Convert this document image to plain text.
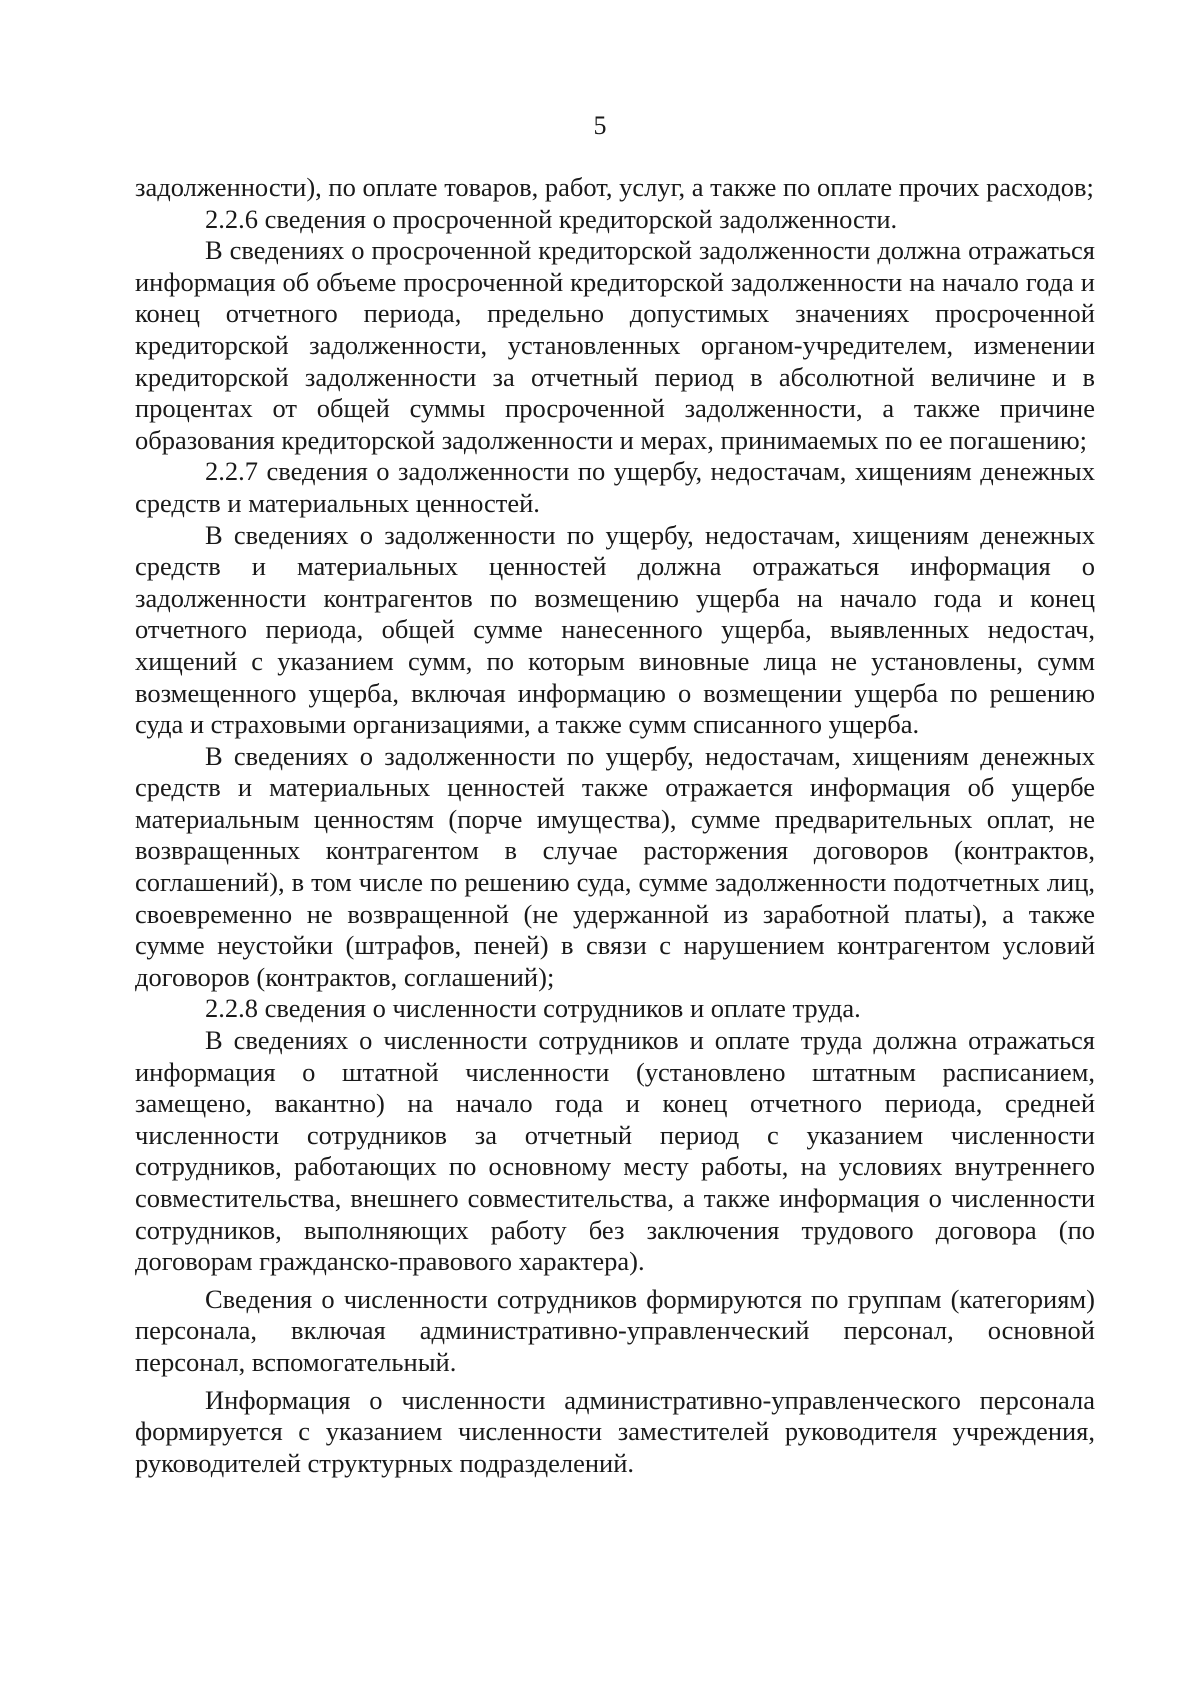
5

задолженности), по оплате товаров, работ, услуг, а также по оплате прочих расходов;

2.2.6 сведения о просроченной кредиторской задолженности.

В сведениях о просроченной кредиторской задолженности должна отражаться информация об объеме просроченной кредиторской задолженности на начало года и конец отчетного периода, предельно допустимых значениях просроченной кредиторской задолженности, установленных органом-учредителем, изменении кредиторской задолженности за отчетный период в абсолютной величине и в процентах от общей суммы просроченной задолженности, а также причине образования кредиторской задолженности и мерах, принимаемых по ее погашению;

2.2.7 сведения о задолженности по ущербу, недостачам, хищениям денежных средств и материальных ценностей.

В сведениях о задолженности по ущербу, недостачам, хищениям денежных средств и материальных ценностей должна отражаться информация о задолженности контрагентов по возмещению ущерба на начало года и конец отчетного периода, общей сумме нанесенного ущерба, выявленных недостач, хищений с указанием сумм, по которым виновные лица не установлены, сумм возмещенного ущерба, включая информацию о возмещении ущерба по решению суда и страховыми организациями, а также сумм списанного ущерба.

В сведениях о задолженности по ущербу, недостачам, хищениям денежных средств и материальных ценностей также отражается информация об ущербе материальным ценностям (порче имущества), сумме предварительных оплат, не возвращенных контрагентом в случае расторжения договоров (контрактов, соглашений), в том числе по решению суда, сумме задолженности подотчетных лиц, своевременно не возвращенной (не удержанной из заработной платы), а также сумме неустойки (штрафов, пеней) в связи с нарушением контрагентом условий договоров (контрактов, соглашений);

2.2.8 сведения о численности сотрудников и оплате труда.

В сведениях о численности сотрудников и оплате труда должна отражаться информация о штатной численности (установлено штатным расписанием, замещено, вакантно) на начало года и конец отчетного периода, средней численности сотрудников за отчетный период с указанием численности сотрудников, работающих по основному месту работы, на условиях внутреннего совместительства, внешнего совместительства, а также информация о численности сотрудников, выполняющих работу без заключения трудового договора (по договорам гражданско-правового характера).

Сведения о численности сотрудников формируются по группам (категориям) персонала, включая административно-управленческий персонал, основной персонал, вспомогательный.

Информация о численности административно-управленческого персонала формируется с указанием численности заместителей руководителя учреждения, руководителей структурных подразделений.
